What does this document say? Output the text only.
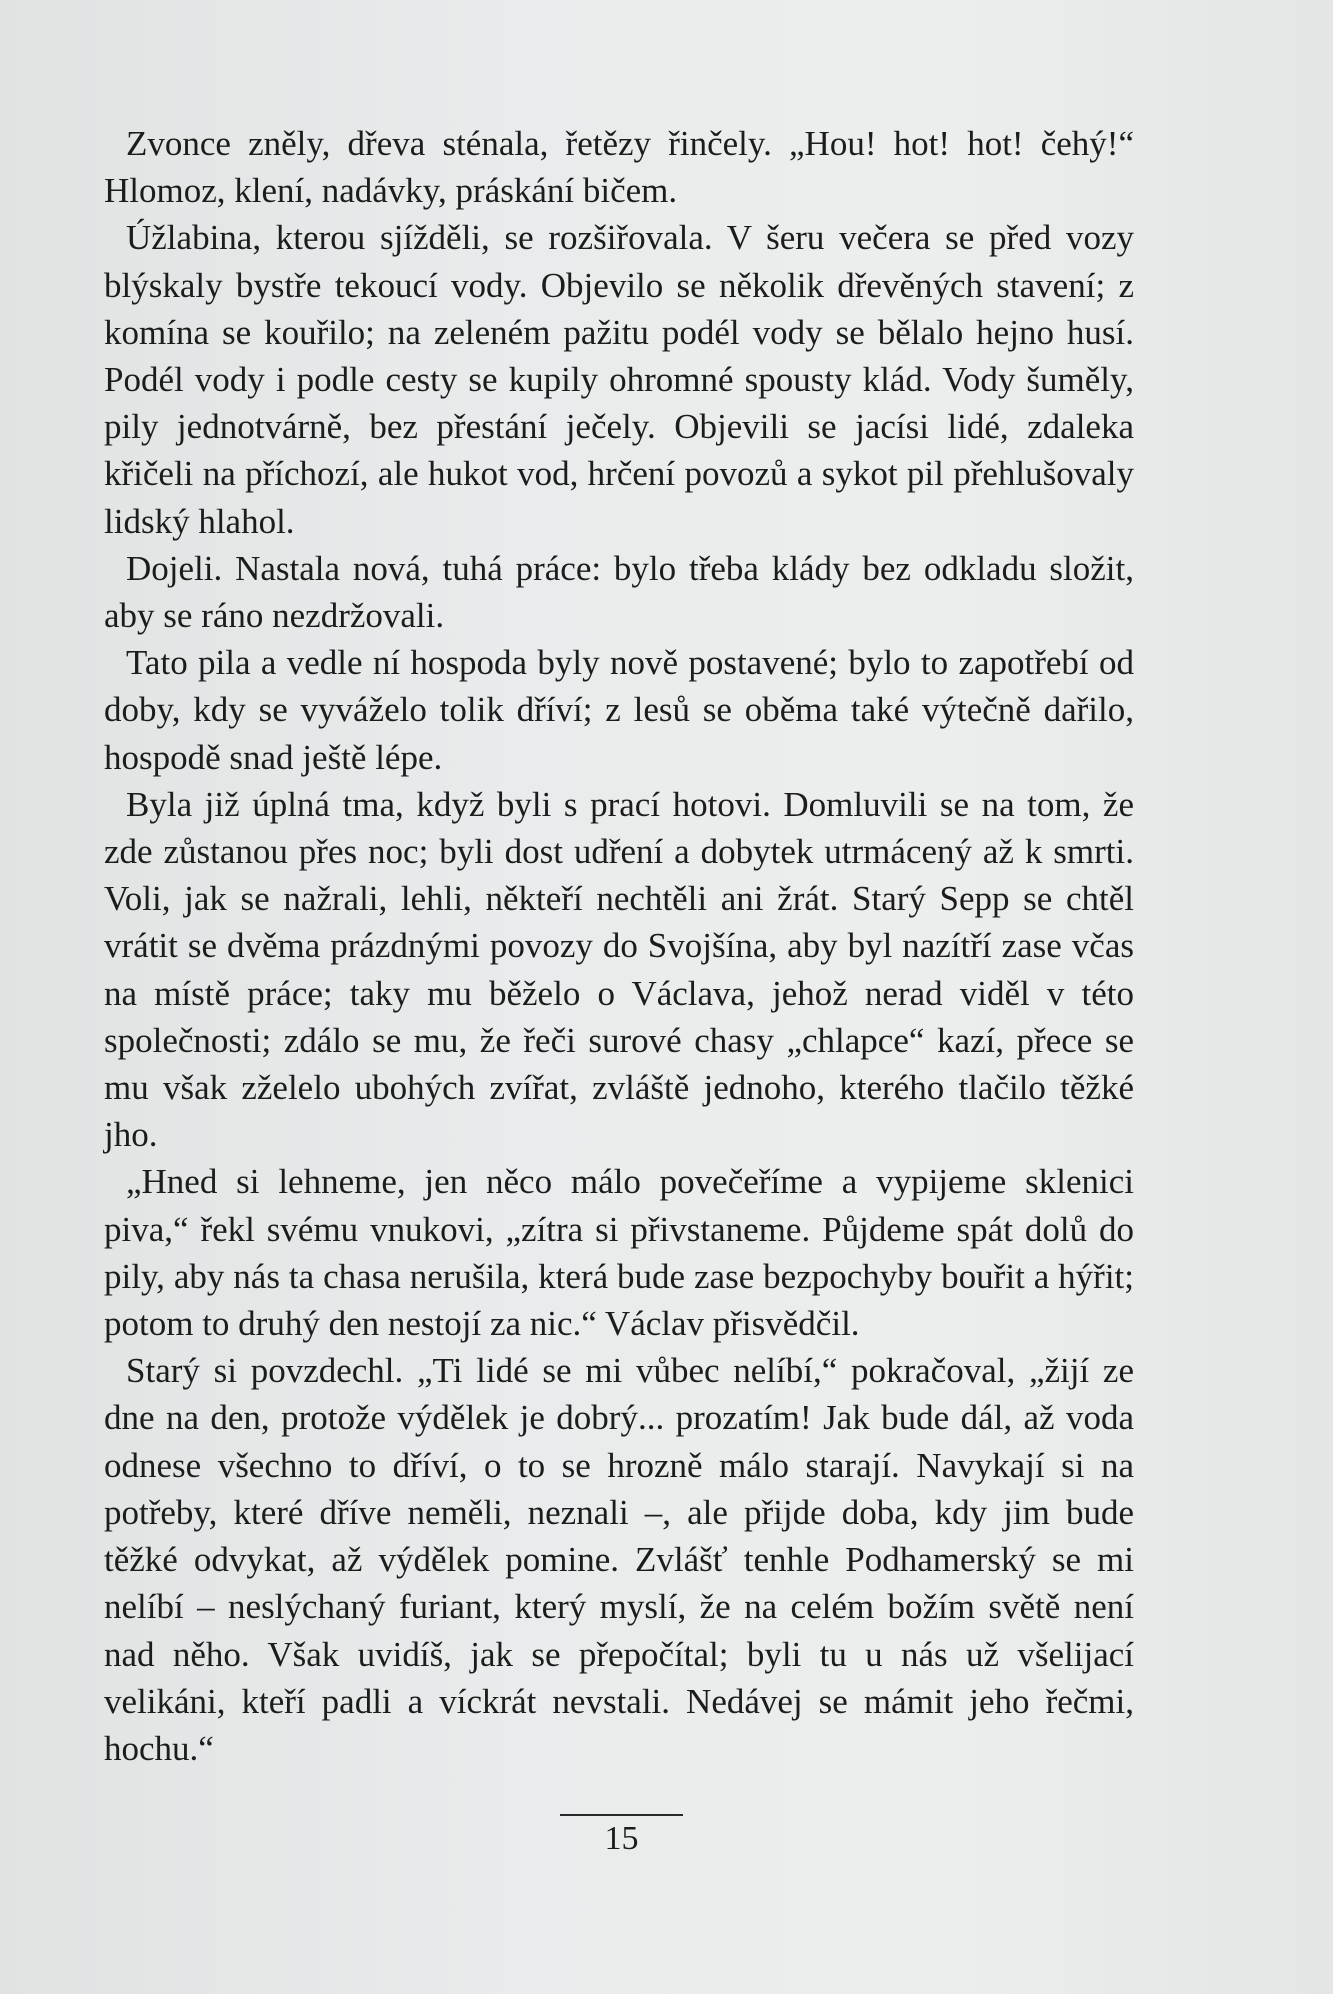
Zvonce zněly, dřeva sténala, řetězy řinčely. „Hou! hot! hot! čehý!“ Hlomoz, klení, nadávky, práskání bičem.

Úžlabina, kterou sjížděli, se rozšiřovala. V šeru večera se před vozy blýskaly bystře tekoucí vody. Objevilo se několik dřevěných stavení; z komína se kouřilo; na zeleném pažitu podél vody se bělalo hejno husí. Podél vody i podle cesty se kupily ohromné spousty klád. Vody šuměly, pily jednotvárně, bez přestání ječely. Objevili se jacísi lidé, zdaleka křičeli na příchozí, ale hukot vod, hrčení povozů a sykot pil přehlušovaly lidský hlahol.

Dojeli. Nastala nová, tuhá práce: bylo třeba klády bez odkladu složit, aby se ráno nezdržovali.

Tato pila a vedle ní hospoda byly nově postavené; bylo to zapotřebí od doby, kdy se vyváželo tolik dříví; z lesů se oběma také výtečně dařilo, hospodě snad ještě lépe.

Byla již úplná tma, když byli s prací hotovi. Domluvili se na tom, že zde zůstanou přes noc; byli dost udření a dobytek utrmácený až k smrti. Voli, jak se nažrali, lehli, někteří nechtěli ani žrát. Starý Sepp se chtěl vrátit se dvěma prázdnými povozy do Svojšína, aby byl nazítří zase včas na místě práce; taky mu běželo o Václava, jehož nerad viděl v této společnosti; zdálo se mu, že řeči surové chasy „chlapce“ kazí, přece se mu však zželelo ubohých zvířat, zvláště jednoho, kterého tlačilo těžké jho.

„Hned si lehneme, jen něco málo povečeříme a vypijeme sklenici piva,“ řekl svému vnukovi, „zítra si přivstaneme. Půjdeme spát dolů do pily, aby nás ta chasa nerušila, která bude zase bezpochyby bouřit a hýřit; potom to druhý den nestojí za nic.“ Václav přisvědčil.

Starý si povzdechl. „Ti lidé se mi vůbec nelíbí,“ pokračoval, „žijí ze dne na den, protože výdělek je dobrý... prozatím! Jak bude dál, až voda odnese všechno to dříví, o to se hrozně málo starají. Navykají si na potřeby, které dříve neměli, neznali –, ale přijde doba, kdy jim bude těžké odvykat, až výdělek pomine. Zvlášť tenhle Podhamerský se mi nelíbí – neslýchaný furiant, který myslí, že na celém božím světě není nad něho. Však uvidíš, jak se přepočítal; byli tu u nás už všelijací velikáni, kteří padli a víckrát nevstali. Nedávej se mámit jeho řečmi, hochu.“

15
